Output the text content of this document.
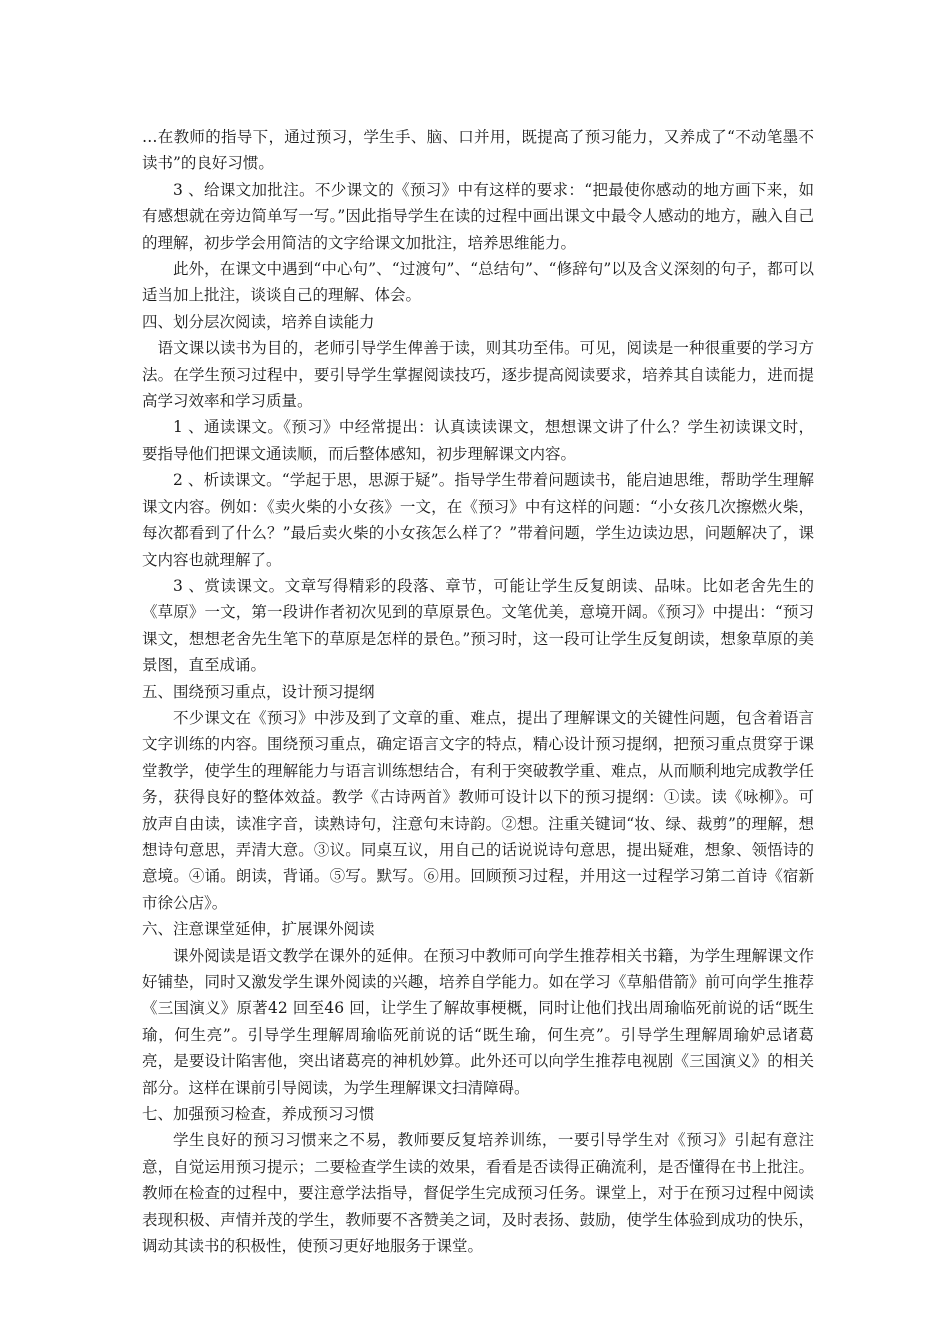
…在教师的指导下，通过预习，学生手、脑、口并用，既提高了预习能力，又养成了“不动笔墨不读书”的良好习惯。

3 、给课文加批注。不少课文的《预习》中有这样的要求：“把最使你感动的地方画下来，如有感想就在旁边简单写一写。”因此指导学生在读的过程中画出课文中最令人感动的地方，融入自己的理解，初步学会用简洁的文字给课文加批注，培养思维能力。

此外，在课文中遇到“中心句”、“过渡句”、“总结句”、“修辞句”以及含义深刻的句子，都可以适当加上批注，谈谈自己的理解、体会。

四、划分层次阅读，培养自读能力

语文课以读书为目的，老师引导学生俾善于读，则其功至伟。可见，阅读是一种很重要的学习方法。在学生预习过程中，要引导学生掌握阅读技巧，逐步提高阅读要求，培养其自读能力，进而提高学习效率和学习质量。

1 、通读课文。《预习》中经常提出：认真读读课文，想想课文讲了什么？学生初读课文时，要指导他们把课文通读顺，而后整体感知，初步理解课文内容。

2 、析读课文。“学起于思，思源于疑”。指导学生带着问题读书，能启迪思维，帮助学生理解课文内容。例如：《卖火柴的小女孩》一文，在《预习》中有这样的问题：“小女孩几次擦燃火柴，每次都看到了什么？”最后卖火柴的小女孩怎么样了？”带着问题，学生边读边思，问题解决了，课文内容也就理解了。

3 、赏读课文。文章写得精彩的段落、章节，可能让学生反复朗读、品味。比如老舍先生的《草原》一文，第一段讲作者初次见到的草原景色。文笔优美，意境开阔。《预习》中提出：“预习课文，想想老舍先生笔下的草原是怎样的景色。”预习时，这一段可让学生反复朗读，想象草原的美景图，直至成诵。

五、围绕预习重点，设计预习提纲

不少课文在《预习》中涉及到了文章的重、难点，提出了理解课文的关键性问题，包含着语言文字训练的内容。围绕预习重点，确定语言文字的特点，精心设计预习提纲，把预习重点贯穿于课堂教学，使学生的理解能力与语言训练想结合，有利于突破教学重、难点，从而顺利地完成教学任务，获得良好的整体效益。教学《古诗两首》教师可设计以下的预习提纲：①读。读《咏柳》。可放声自由读，读准字音，读熟诗句，注意句末诗韵。②想。注重关键词“妆、绿、裁剪”的理解，想想诗句意思，弄清大意。③议。同桌互议，用自己的话说说诗句意思，提出疑难，想象、领悟诗的意境。④诵。朗读，背诵。⑤写。默写。⑥用。回顾预习过程，并用这一过程学习第二首诗《宿新市徐公店》。

六、注意课堂延伸，扩展课外阅读

课外阅读是语文教学在课外的延伸。在预习中教师可向学生推荐相关书籍，为学生理解课文作好铺垫，同时又激发学生课外阅读的兴趣，培养自学能力。如在学习《草船借箭》前可向学生推荐《三国演义》原著42 回至46 回，让学生了解故事梗概，同时让他们找出周瑜临死前说的话“既生瑜，何生亮”。引导学生理解周瑜临死前说的话“既生瑜，何生亮”。引导学生理解周瑜妒忌诸葛亮，是要设计陷害他，突出诸葛亮的神机妙算。此外还可以向学生推荐电视剧《三国演义》的相关部分。这样在课前引导阅读，为学生理解课文扫清障碍。

七、加强预习检查，养成预习习惯

学生良好的预习习惯来之不易，教师要反复培养训练，一要引导学生对《预习》引起有意注意，自觉运用预习提示；二要检查学生读的效果，看看是否读得正确流利，是否懂得在书上批注。教师在检查的过程中，要注意学法指导，督促学生完成预习任务。课堂上，对于在预习过程中阅读表现积极、声情并茂的学生，教师要不吝赞美之词，及时表扬、鼓励，使学生体验到成功的快乐，调动其读书的积极性，使预习更好地服务于课堂。
